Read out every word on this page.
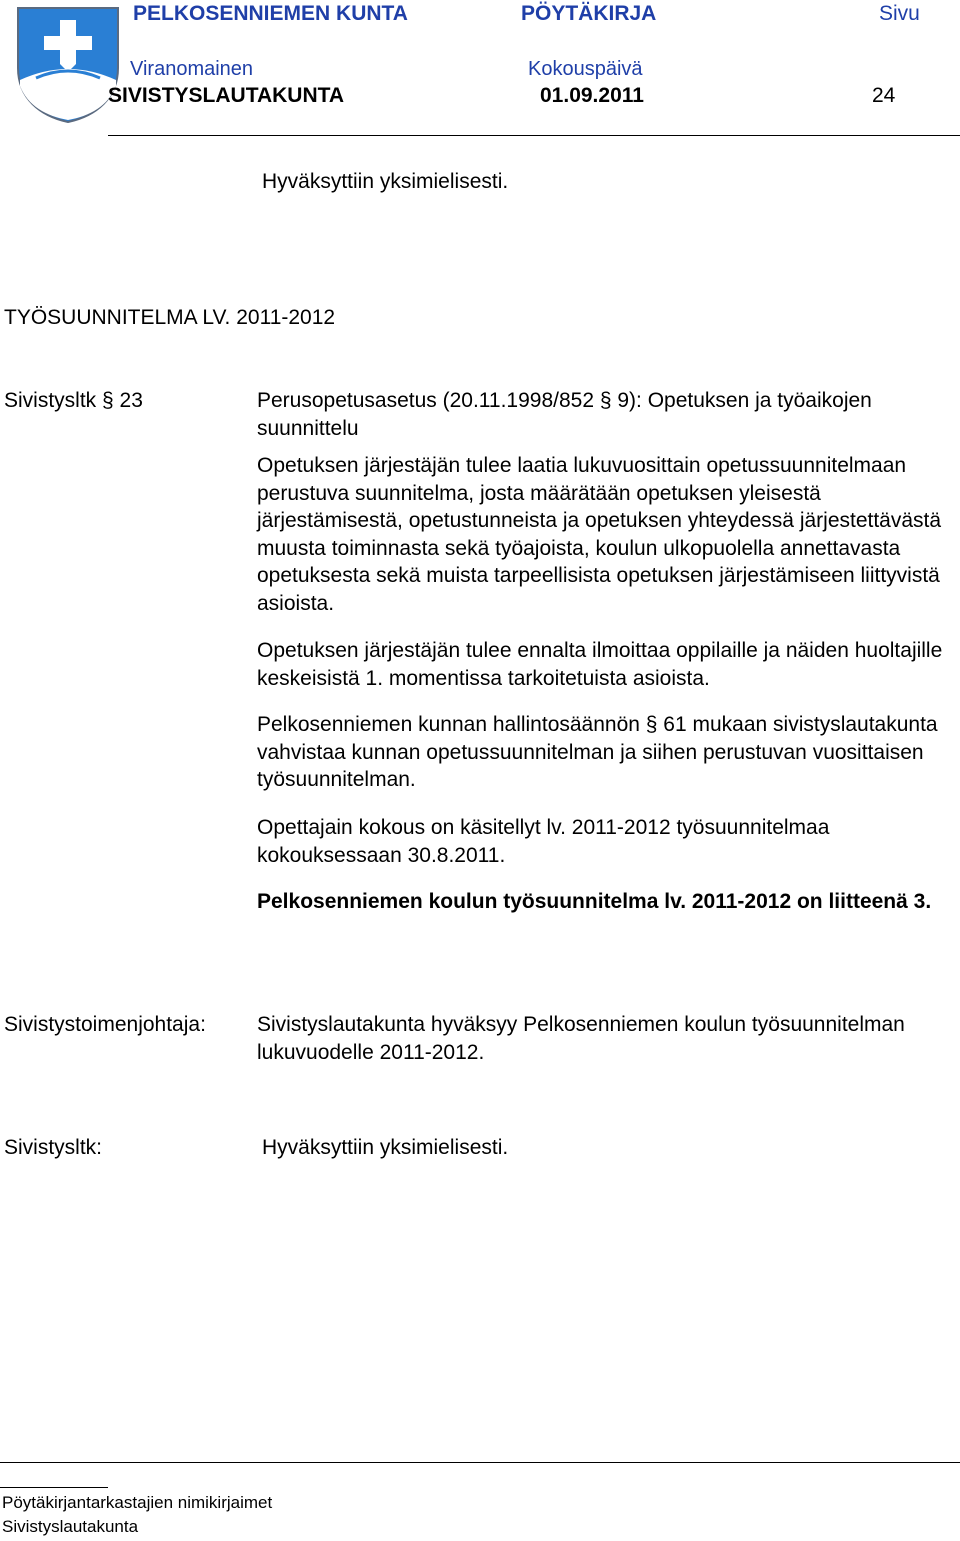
PELKOSENNIEMEN KUNTA	PÖYTÄKIRJA	Sivu
Viranomainen	Kokouspäivä
SIVISTYSLAUTAKUNTA	01.09.2011	24
Hyväksyttiin yksimielisesti.
TYÖSUUNNITELMA LV. 2011-2012
Sivistysltk § 23	Perusopetusasetus (20.11.1998/852 § 9): Opetuksen ja työaikojen suunnittelu
Opetuksen järjestäjän tulee laatia lukuvuosittain opetussuunnitelmaan perustuva suunnitelma, josta määrätään opetuksen yleisestä järjestämisestä, opetustunneista ja opetuksen yhteydessä järjestettävästä muusta toiminnasta sekä työajoista, koulun ulkopuolella annettavasta opetuksesta sekä muista tarpeellisista opetuksen järjestämiseen liittyvistä asioista.
Opetuksen järjestäjän tulee ennalta ilmoittaa oppilaille ja näiden huoltajille keskeisistä 1. momentissa tarkoitetuista asioista.
Pelkosenniemen kunnan hallintosäännön § 61 mukaan sivistyslautakunta vahvistaa kunnan opetussuunnitelman ja siihen perustuvan vuosittaisen työsuunnitelman.
Opettajain kokous on käsitellyt lv. 2011-2012 työsuunnitelmaa kokouksessaan 30.8.2011.
Pelkosenniemen koulun työsuunnitelma lv. 2011-2012 on liitteenä 3.
Sivistystoimenjohtaja: Sivistyslautakunta hyväksyy Pelkosenniemen koulun työsuunnitelman lukuvuodelle 2011-2012.
Sivistysltk:	Hyväksyttiin yksimielisesti.
Pöytäkirjantarkastajien nimikirjaimet
Sivistyslautakunta
